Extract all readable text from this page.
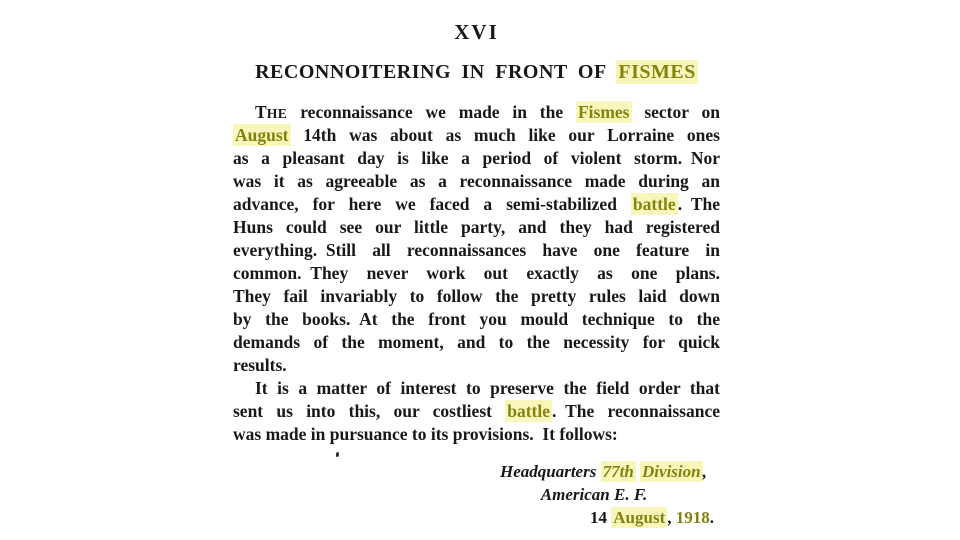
XVI
RECONNOITERING IN FRONT OF FISMES
THE reconnaissance we made in the Fismes sector on
August 14th was about as much like our Lorraine ones
as a pleasant day is like a period of violent storm. Nor
was it as agreeable as a reconnaissance made during an
advance, for here we faced a semi-stabilized battle . The
Huns could see our little party, and they had registered
everything. Still all reconnaissances have one feature in
common. They never work out exactly as one plans.
They fail invariably to follow the pretty rules laid down
by the books. At the front you mould technique to the
demands of the moment, and to the necessity for quick
results.
It is a matter of interest to preserve the field order that
sent us into this, our costliest battle . The reconnaissance
was made in pursuance to its provisions. It follows:
Headquarters 77th Division ,
American E. F.
14 August , 1918.
